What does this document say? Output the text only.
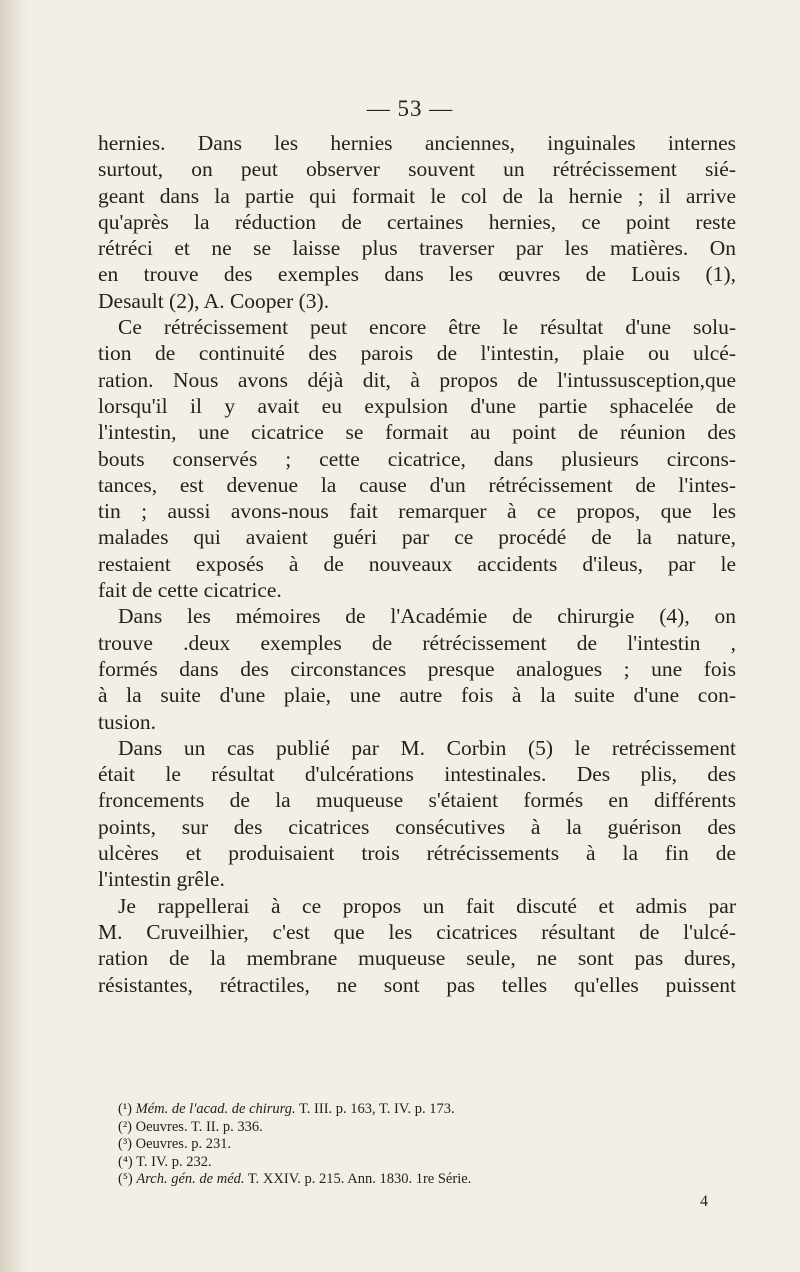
— 53 —
hernies. Dans les hernies anciennes, inguinales internes
surtout, on peut observer souvent un rétrécissement sié-
geant dans la partie qui formait le col de la hernie ; il arrive
qu'après la réduction de certaines hernies, ce point reste
rétréci et ne se laisse plus traverser par les matières. On
en trouve des exemples dans les œuvres de Louis (1),
Desault (2), A. Cooper (3).
Ce rétrécissement peut encore être le résultat d'une solu-
tion de continuité des parois de l'intestin, plaie ou ulcé-
ration. Nous avons déjà dit, à propos de l'intussusception,que
lorsqu'il il y avait eu expulsion d'une partie sphacelée de
l'intestin, une cicatrice se formait au point de réunion des
bouts conservés ; cette cicatrice, dans plusieurs circons-
tances, est devenue la cause d'un rétrécissement de l'intes-
tin ; aussi avons-nous fait remarquer à ce propos, que les
malades qui avaient guéri par ce procédé de la nature,
restaient exposés à de nouveaux accidents d'ileus, par le
fait de cette cicatrice.
Dans les mémoires de l'Académie de chirurgie (4), on
trouve .deux exemples de rétrécissement de l'intestin ,
formés dans des circonstances presque analogues ; une fois
à la suite d'une plaie, une autre fois à la suite d'une con-
tusion.
Dans un cas publié par M. Corbin (5) le retrécissement
était le résultat d'ulcérations intestinales. Des plis, des
froncements de la muqueuse s'étaient formés en différents
points, sur des cicatrices consécutives à la guérison des
ulcères et produisaient trois rétrécissements à la fin de
l'intestin grêle.
Je rappellerai à ce propos un fait discuté et admis par
M. Cruveilhier, c'est que les cicatrices résultant de l'ulcé-
ration de la membrane muqueuse seule, ne sont pas dures,
résistantes, rétractiles, ne sont pas telles qu'elles puissent
(¹) Mém. de l'acad. de chirurg. T. III. p. 163, T. IV. p. 173.
(²) Oeuvres. T. II. p. 336.
(³) Oeuvres. p. 231.
(⁴) T. IV. p. 232.
(⁵) Arch. gén. de méd. T. XXIV. p. 215. Ann. 1830. 1re Série.
4
